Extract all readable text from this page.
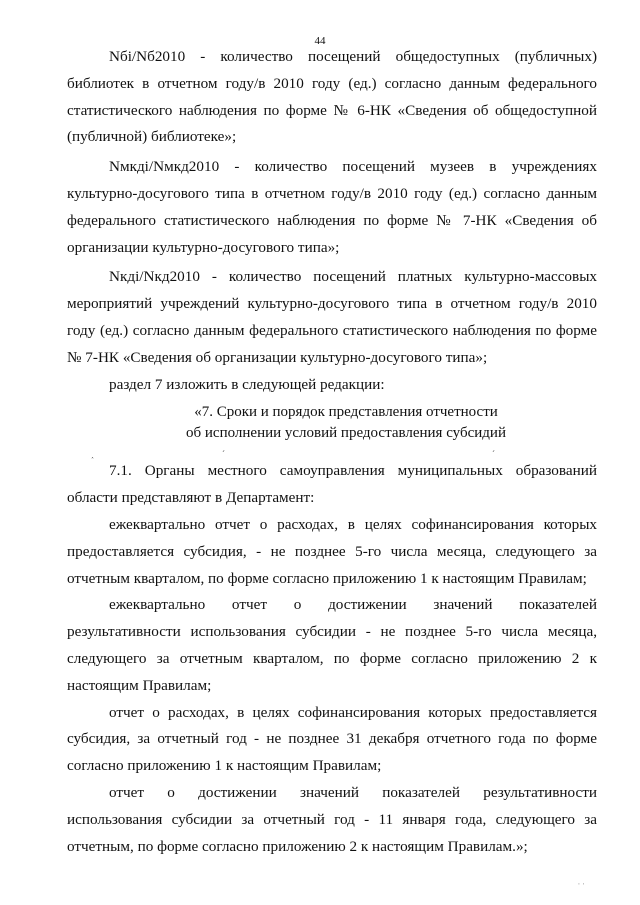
44

Nбi/Nб2010 - количество посещений общедоступных (публичных) библиотек в отчетном году/в 2010 году (ед.) согласно данным федерального статистического наблюдения по форме № 6-НК «Сведения об общедоступной (публичной) библиотеке»;

Nмкдi/Nмкд2010 - количество посещений музеев в учреждениях культурно-досугового типа в отчетном году/в 2010 году (ед.) согласно данным федерального статистического наблюдения по форме № 7-НК «Сведения об организации культурно-досугового типа»;

Nкдi/Nкд2010 - количество посещений платных культурно-массовых мероприятий учреждений культурно-досугового типа в отчетном году/в 2010 году (ед.) согласно данным федерального статистического наблюдения по форме № 7-НК «Сведения об организации культурно-досугового типа»;

раздел 7 изложить в следующей редакции:

«7. Сроки и порядок представления отчетности
об исполнении условий предоставления субсидий
˰	´	´

7.1. Органы местного самоуправления муниципальных образований области представляют в Департамент:

ежеквартально отчет о расходах, в целях софинансирования которых предоставляется субсидия, - не позднее 5-го числа месяца, следующего за отчетным кварталом, по форме согласно приложению 1 к настоящим Правилам;

ежеквартально отчет о достижении значений показателей результативности использования субсидии - не позднее 5-го числа месяца, следующего за отчетным кварталом, по форме согласно приложению 2 к настоящим Правилам;

отчет о расходах, в целях софинансирования которых предоставляется субсидия, за отчетный год - не позднее 31 декабря отчетного года по форме согласно приложению 1 к настоящим Правилам;

отчет о достижении значений показателей результативности использования субсидии за отчетный год - 11 января года, следующего за отчетным, по форме согласно приложению 2 к настоящим Правилам.»;

ˈ ˈ
